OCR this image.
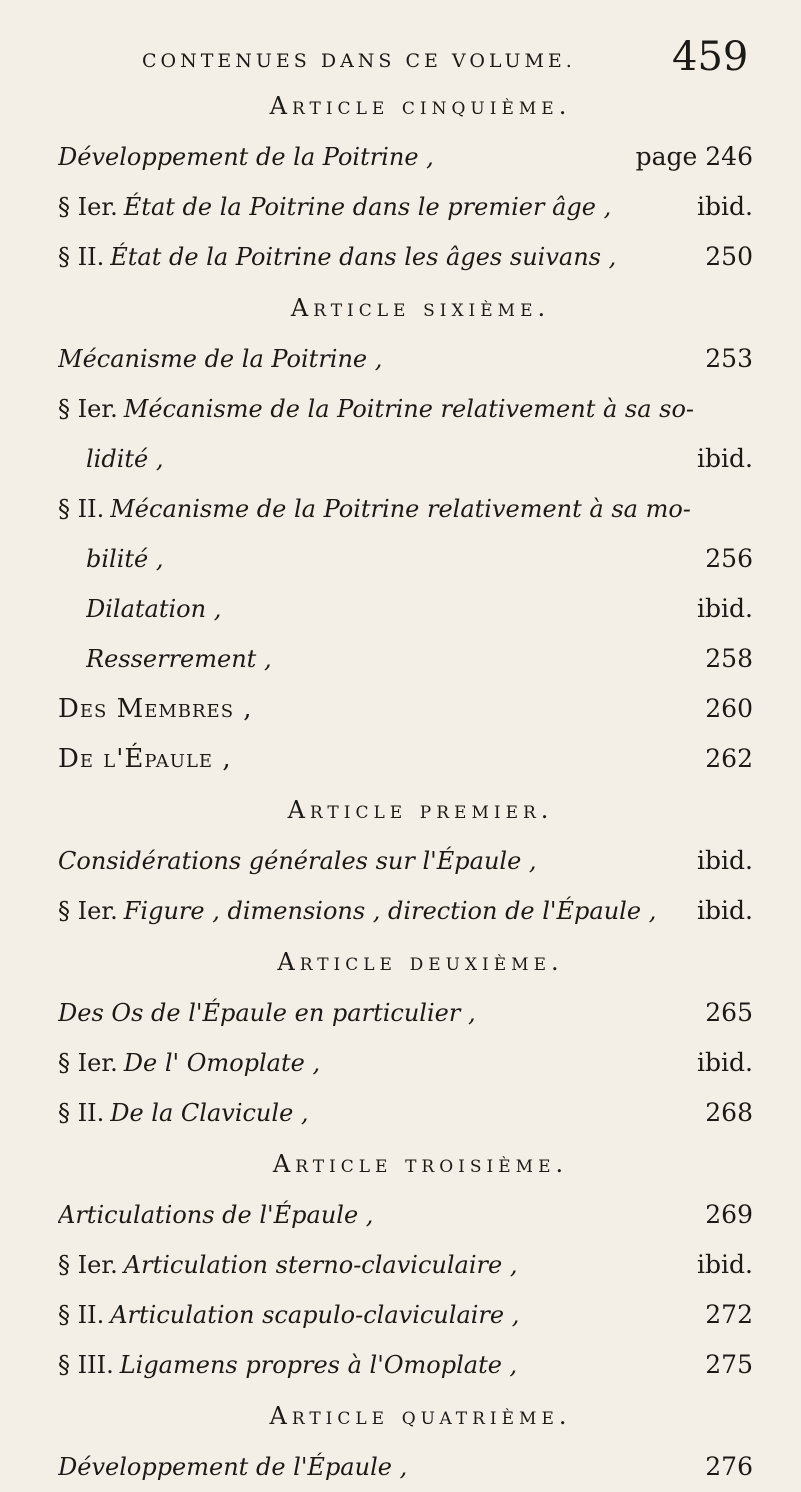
CONTENUES DANS CE VOLUME.	459
Article cinquième.
Développement de la Poitrine ,	page 246
§ Ier. État de la Poitrine dans le premier âge ,	ibid.
§ II. État de la Poitrine dans les âges suivans ,	250
Article sixième.
Mécanisme de la Poitrine ,	253
§ Ier. Mécanisme de la Poitrine relativement à sa so-
lidité ,	ibid.
§ II. Mécanisme de la Poitrine relativement à sa mo-
bilité ,	256
Dilatation ,	ibid.
Resserrement ,	258
Des Membres ,	260
De l'Épaule ,	262
Article premier.
Considérations générales sur l'Épaule ,	ibid.
§ Ier. Figure , dimensions , direction de l'Épaule ,	ibid.
Article deuxième.
Des Os de l'Épaule en particulier ,	265
§ Ier. De l' Omoplate ,	ibid.
§ II. De la Clavicule ,	268
Article troisième.
Articulations de l'Épaule ,	269
§ Ier. Articulation sterno-claviculaire ,	ibid.
§ II. Articulation scapulo-claviculaire ,	272
§ III. Ligamens propres à l'Omoplate ,	275
Article quatrième.
Développement de l'Épaule ,	276
